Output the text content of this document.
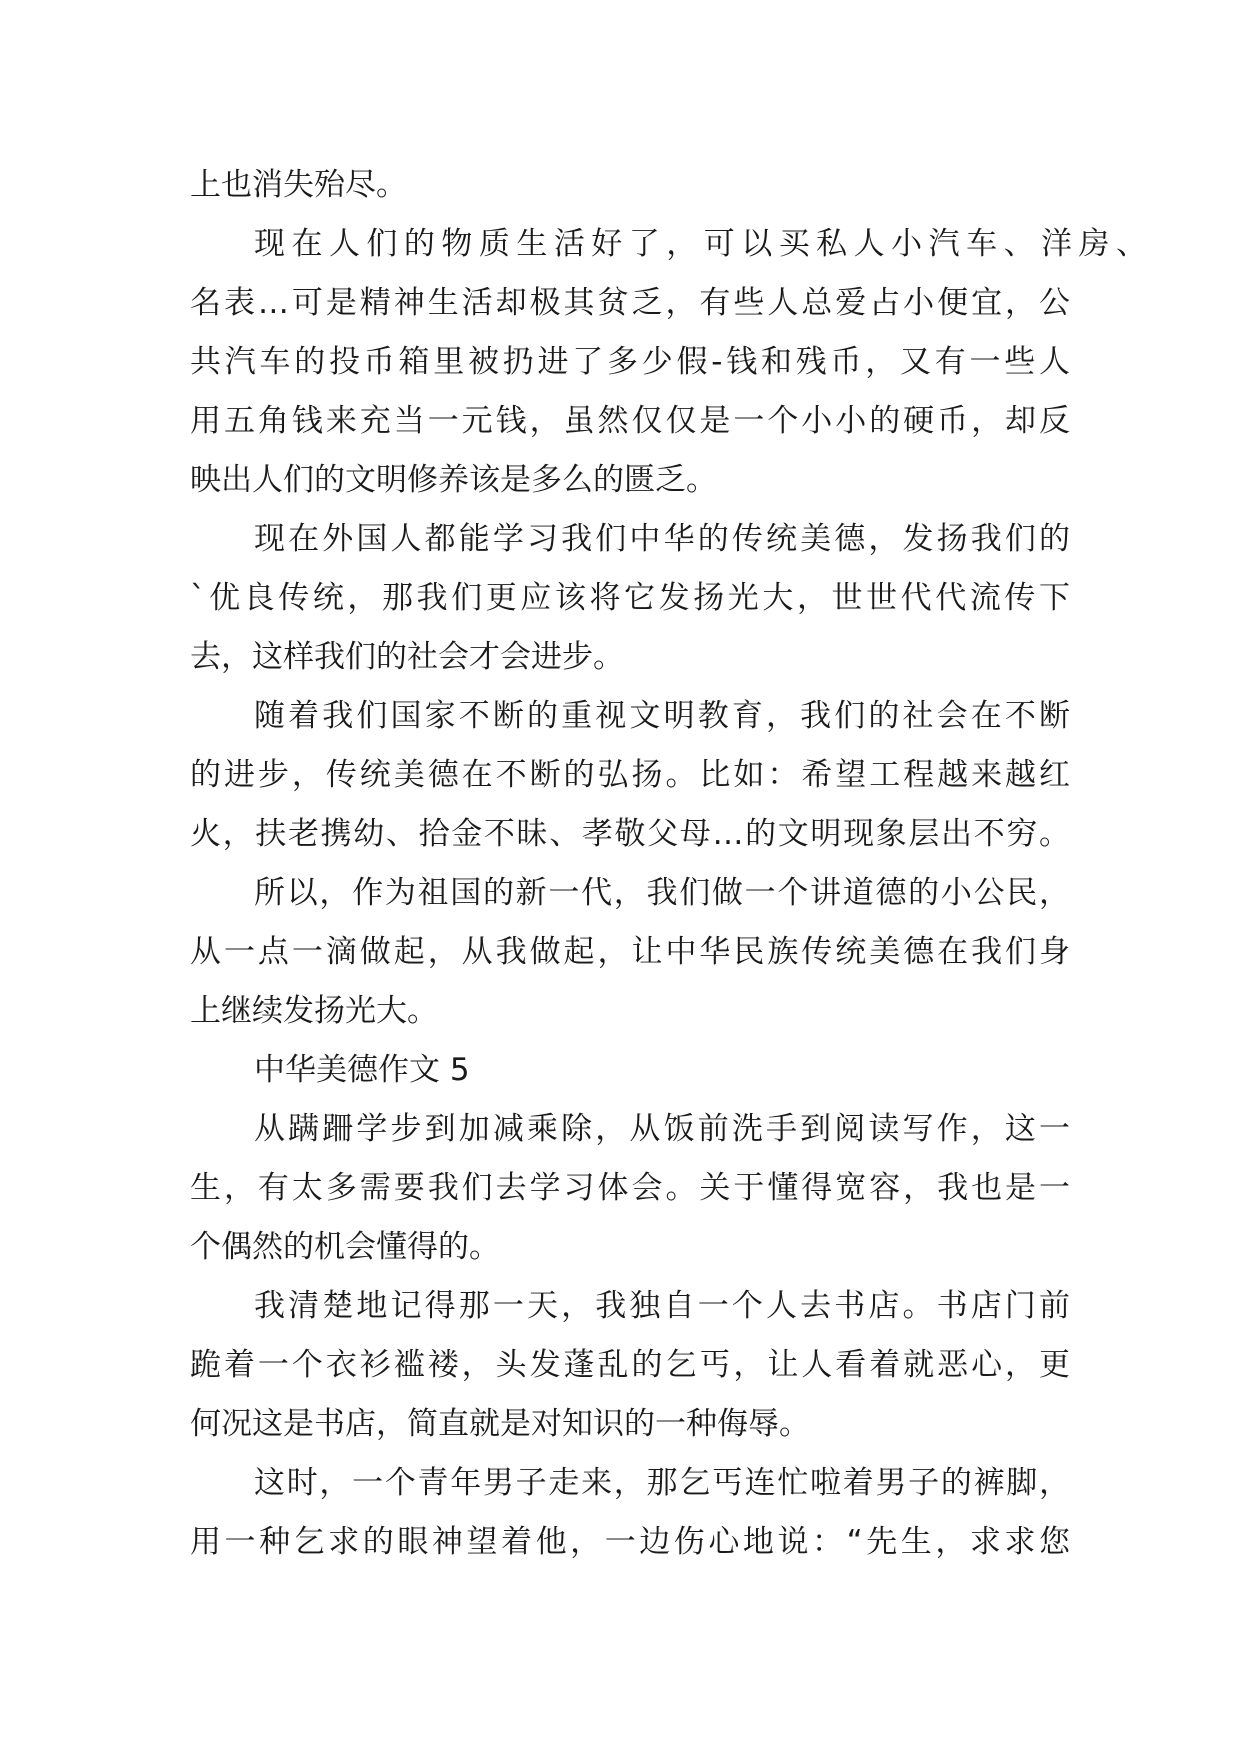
上也消失殆尽。
现在人们的物质生活好了，可以买私人小汽车、洋房、
名表…可是精神生活却极其贫乏，有些人总爱占小便宜，公
共汽车的投币箱里被扔进了多少假-钱和残币，又有一些人
用五角钱来充当一元钱，虽然仅仅是一个小小的硬币，却反
映出人们的文明修养该是多么的匮乏。
现在外国人都能学习我们中华的传统美德，发扬我们的
`优良传统，那我们更应该将它发扬光大，世世代代流传下
去，这样我们的社会才会进步。
随着我们国家不断的重视文明教育，我们的社会在不断
的进步，传统美德在不断的弘扬。比如：希望工程越来越红
火，扶老携幼、拾金不昧、孝敬父母…的文明现象层出不穷。
所以，作为祖国的新一代，我们做一个讲道德的小公民，
从一点一滴做起，从我做起，让中华民族传统美德在我们身
上继续发扬光大。
中华美德作文 5
从蹒跚学步到加减乘除，从饭前洗手到阅读写作，这一
生，有太多需要我们去学习体会。关于懂得宽容，我也是一
个偶然的机会懂得的。
我清楚地记得那一天，我独自一个人去书店。书店门前
跪着一个衣衫褴褛，头发蓬乱的乞丐，让人看着就恶心，更
何况这是书店，简直就是对知识的一种侮辱。
这时，一个青年男子走来，那乞丐连忙啦着男子的裤脚，
用一种乞求的眼神望着他，一边伤心地说：“先生，求求您
